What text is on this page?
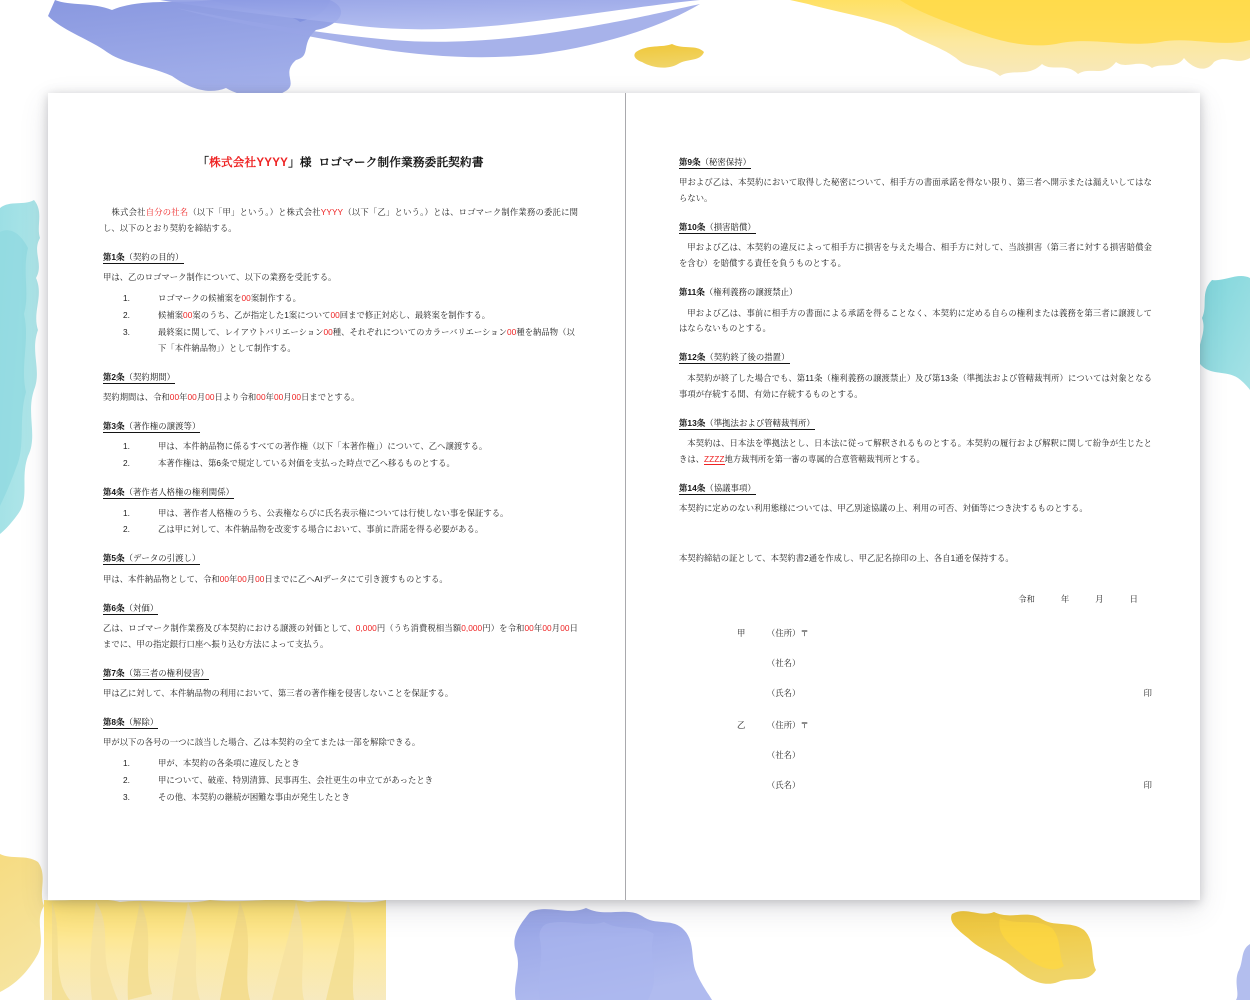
「株式会社YYYY」様 ロゴマーク制作業務委託契約書

　株式会社自分の社名（以下「甲」という。）と株式会社YYYY（以下「乙」という。）とは、ロゴマーク制作業務の委託に関し、以下のとおり契約を締結する。

第1条（契約の目的）

甲は、乙のロゴマーク制作について、以下の業務を受託する。

ロゴマークの候補案を00案制作する。
候補案00案のうち、乙が指定した1案について00回まで修正対応し、最終案を制作する。
最終案に関して、レイアウトバリエーション00種、それぞれについてのカラーバリエーション00種を納品物（以下「本件納品物」）として制作する。
第2条（契約期間）

契約期間は、令和00年00月00日より令和00年00月00日までとする。

第3条（著作権の譲渡等）
甲は、本件納品物に係るすべての著作権（以下「本著作権」）について、乙へ譲渡する。
本著作権は、第6条で規定している対価を支払った時点で乙へ移るものとする。
第4条（著作者人格権の権利関係）
甲は、著作者人格権のうち、公表権ならびに氏名表示権については行使しない事を保証する。
乙は甲に対して、本件納品物を改変する場合において、事前に許諾を得る必要がある。
第5条（データの引渡し）

甲は、本件納品物として、令和00年00月00日までに乙へAIデータにて引き渡すものとする。

第6条（対価）

乙は、ロゴマーク制作業務及び本契約における譲渡の対価として、0,000円（うち消費税相当額0,000円）を令和00年00月00日までに、甲の指定銀行口座へ振り込む方法によって支払う。

第7条（第三者の権利侵害）

甲は乙に対して、本件納品物の利用において、第三者の著作権を侵害しないことを保証する。

第8条（解除）

甲が以下の各号の一つに該当した場合、乙は本契約の全てまたは一部を解除できる。

甲が、本契約の各条項に違反したとき
甲について、破産、特別清算、民事再生、会社更生の申立てがあったとき
その他、本契約の継続が困難な事由が発生したとき
第9条（秘密保持）

甲および乙は、本契約において取得した秘密について、相手方の書面承諾を得ない限り、第三者へ開示または漏えいしてはならない。

第10条（損害賠償）

甲および乙は、本契約の違反によって相手方に損害を与えた場合、相手方に対して、当該損害（第三者に対する損害賠償金を含む）を賠償する責任を負うものとする。

第11条（権利義務の譲渡禁止）

甲および乙は、事前に相手方の書面による承諾を得ることなく、本契約に定める自らの権利または義務を第三者に譲渡してはならないものとする。

第12条（契約終了後の措置）

本契約が終了した場合でも、第11条（権利義務の譲渡禁止）及び第13条（準拠法および管轄裁判所）については対象となる事項が存続する間、有効に存続するものとする。

第13条（準拠法および管轄裁判所）

本契約は、日本法を準拠法とし、日本法に従って解釈されるものとする。本契約の履行および解釈に関して紛争が生じたときは、ZZZZ地方裁判所を第一審の専属的合意管轄裁判所とする。

第14条（協議事項）

本契約に定めのない利用態様については、甲乙別途協議の上、利用の可否、対価等につき決するものとする。

本契約締結の証として、本契約書2通を作成し、甲乙記名捺印の上、各自1通を保持する。

令和	年	月	日
甲	（住所）〒
（社名）
（氏名）	印
乙	（住所）〒
（社名）
（氏名）	印
